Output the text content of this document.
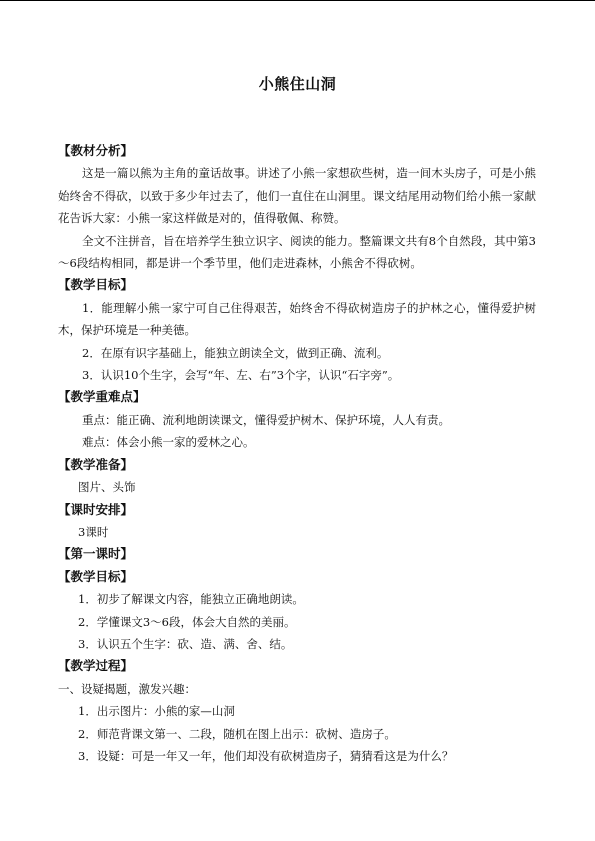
小熊住山洞
【教材分析】

这是一篇以熊为主角的童话故事。讲述了小熊一家想砍些树，造一间木头房子，可是小熊始终舍不得砍，以致于多少年过去了，他们一直住在山洞里。课文结尾用动物们给小熊一家献花告诉大家：小熊一家这样做是对的，值得敬佩、称赞。

全文不注拼音，旨在培养学生独立识字、阅读的能力。整篇课文共有8个自然段，其中第3～6段结构相同，都是讲一个季节里，他们走进森林，小熊舍不得砍树。

【教学目标】

1．能理解小熊一家宁可自己住得艰苦，始终舍不得砍树造房子的护林之心，懂得爱护树木，保护环境是一种美德。

2．在原有识字基础上，能独立朗读全文，做到正确、流利。

3．认识10个生字，会写“年、左、右”3个字，认识“石字旁”。

【教学重难点】

重点：能正确、流利地朗读课文，懂得爱护树木、保护环境，人人有责。

难点：体会小熊一家的爱林之心。

【教学准备】
图片、头饰
【课时安排】
3课时
【第一课时】
【教学目标】
1．初步了解课文内容，能独立正确地朗读。
2．学懂课文3～6段，体会大自然的美丽。
3．认识五个生字：砍、造、满、舍、结。
【教学过程】
一、设疑揭题，激发兴趣：
1．出示图片：小熊的家—山洞
2．师范背课文第一、二段，随机在图上出示：砍树、造房子。
3．设疑：可是一年又一年，他们却没有砍树造房子，猜猜看这是为什么？
